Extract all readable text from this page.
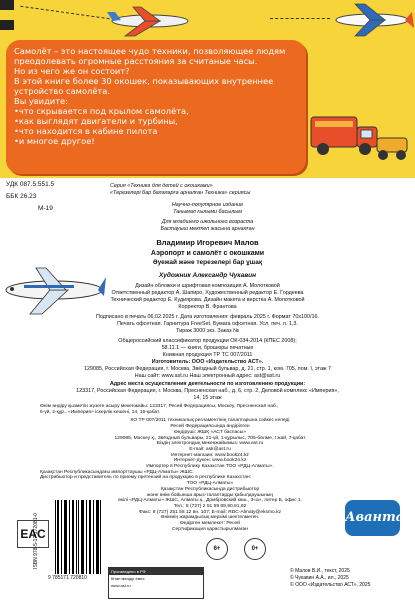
Самолёт – это настоящее чудо техники, позволяющее людям

преодолевать огромные расстояния за считаные часы.

Но из чего же он состоит?

В этой книге более 30 окошек, показывающих внутреннее

устройство самолёта.

Вы увидите:

•что скрывается под крылом самолёта,

•как выглядят двигатели и турбины,

•что находится в кабине пилота

•и многое другое!

УДК 087.5:551.5
ББК 26.23
М-19
Серия «Техника для детей с окошками»
«Терезелері бар балаларға арналған Техника» сериясы
Научно-популярное издание
Танымал ғылыми басылым
Для младшего школьного возраста
Бастауыш мектеп жасына арналған
Владимир Игоревич Малов
Аэропорт и самолёт с окошками
Әуежай және терезелері бар ұшақ
Художник Александр Чукавин
Дизайн обложки и шрифтовая композиция А. Молотковой
Ответственный редактор А. Шапиро. Художественный редактор Е. Гордеева
Технический редактор Е. Кудиярова. Дизайн макета и верстка А. Молотковой
Корректор В. Фрaнтова
Подписано в печать 06.02.2025 г. Дата изготовления: февраль 2025 г. Формат 70х100/16.
Печать офсетная. Гарнитура FreeSet. Бумага офсетная. Усл. печ. л. 1,3.
Тираж 3000 экз. Заказ №
Общероссийский классификатор продукции ОК-034-2014 (КПЕС 2008);
58.11.1 — книги, брошюры печатные
Книжная продукция ТР ТС 007/2011
Изготовитель: ООО «Издательство АСТ».
129085, Российская Федерация, г. Москва, Звёздный бульвар, д. 21, стр. 1, ком. 705, пом. I, этаж 7
Наш сайт: www.ast.ru Наш электронный адрес: ast@ast.ru
Адрес места осуществления деятельности по изготовлению продукции:
123317, Российская Федерация, г. Москва, Пресненская наб., д. 6, стр. 2, Деловой комплекс «Империя»,
14, 15 этаж
Өнім өндіру қызметін жүзеге асыру мекенжайы: 123317, Ресей Федерациясы, Мәскеу, Пресненская наб.,
6-үй, 2-құр., «Империя» іскерлік кешені, 14, 15-қабат.
КО ТР 007/2011 техникалық регламентінің талаптарына сәйкес келеді
Ресей Федерациясында өндірілген
Өндіруші: ЖШҚ «АСТ баспасы»
129085, Мәскеу қ., Звёздный бульвары, 21-үй, 1-құрылыс, 705-бөлме, I жай, 7-қабат
Біздің электрондық мекенжайымыз: www.ast.ru
E-mail: ask@ast.ru
Интернет-магазин: www.book24.kz
Интернет-дүкен: www.book24.kz
Импортер в Республику Казахстан ТОО «РДЦ-Алматы».
Қазақстан Республикасындағы импорттаушы «РДЦ-Алматы» ЖШС.
Дистрибьютор и представитель по приему претензий на продукцию в республике Казахстан:
ТОО «РДЦ-Алматы»
Қазақстан Республикасында дистрибьютор
және өнім бойынша арыз-талаптарды қабылдаушының
өкілі «РДЦ-Алматы» ЖШС, Алматы қ., Домбровский көш., 3«а», литер Б, офис 1.
Тел.: 8 (727) 2 51 59 89,90,91,92
Факс: 8 (727) 251 58 12 вн. 107; E-mail: RDC-Almaty@eksmo.kz
Өнімнің жарамдылық мерзімі шектелмеген.
Өндірген мемлекет: Ресей
Сертификация қарастырылмаған
EAC
ISBN 978-5-17-172081-0
9 785171 720810
Произведено в РФ
Кітап мөлдір емес
www.ast.ru
6+	0+
© Малов В.И., текст, 2025
© Чукавин А.А., ил., 2025
© ООО «Издательство АСТ», 2025
Аванта
